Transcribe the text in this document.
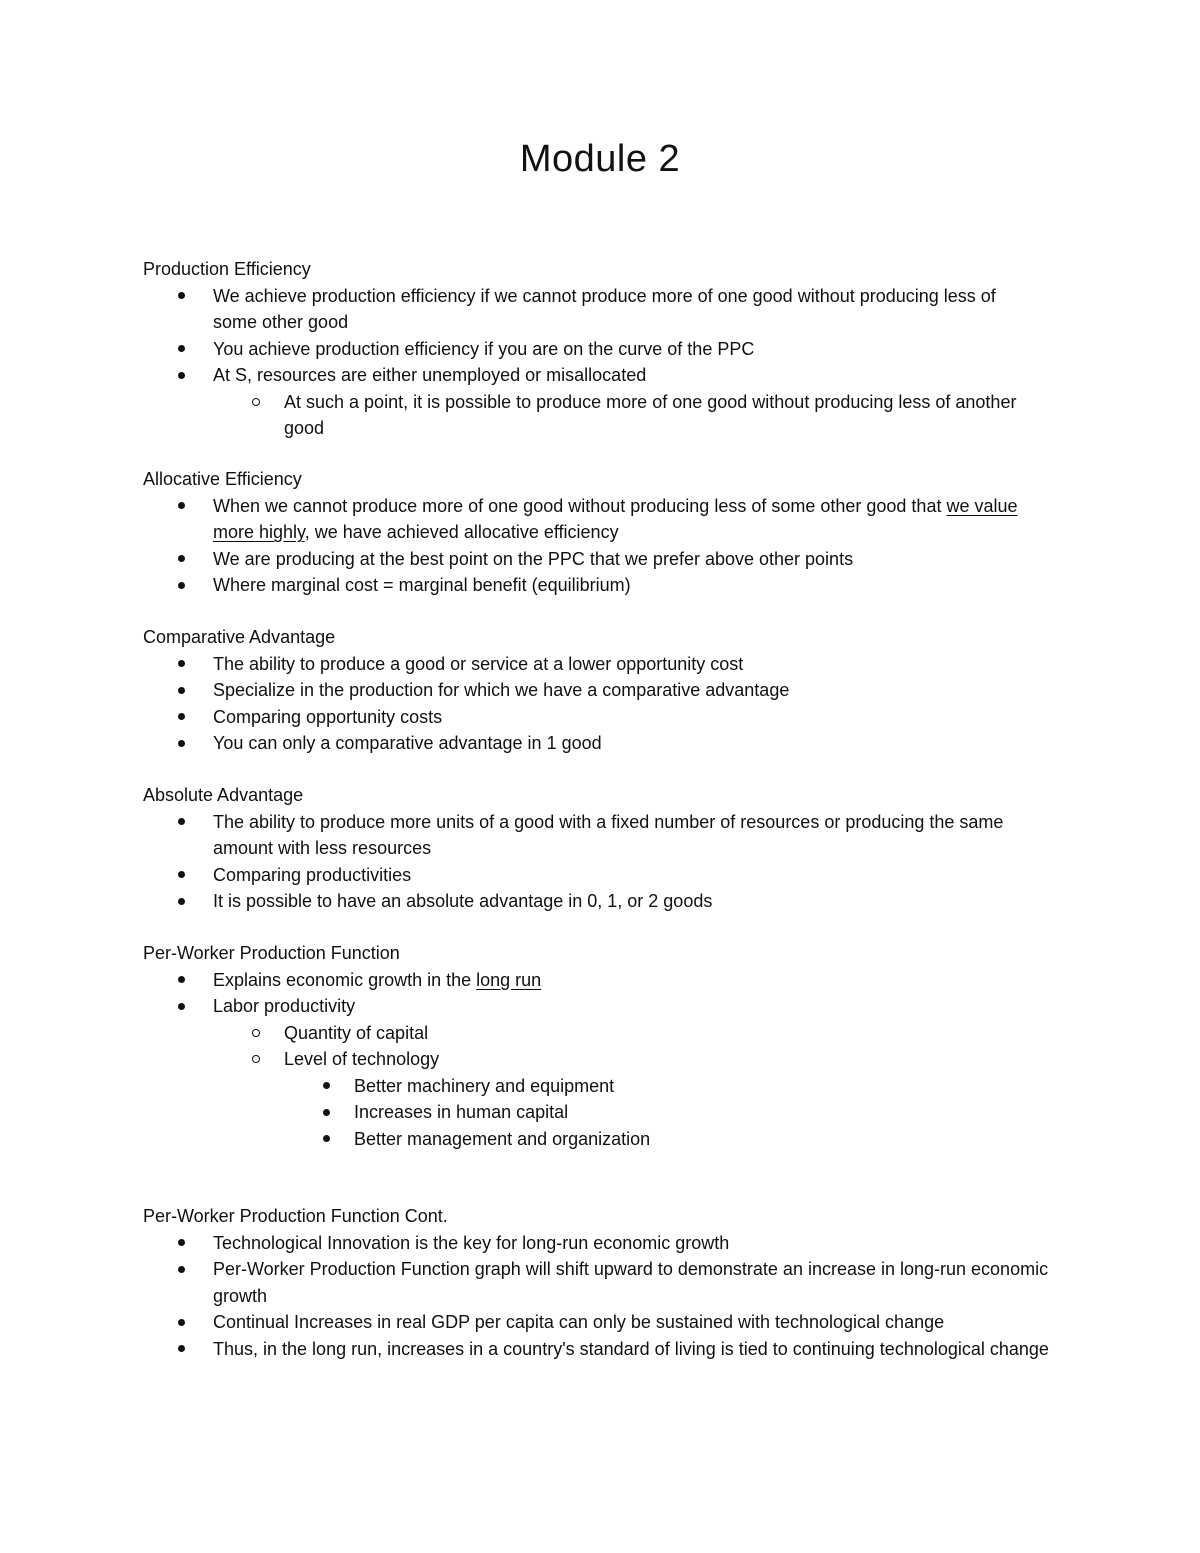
Module 2
Production Efficiency
We achieve production efficiency if we cannot produce more of one good without producing less of some other good
You achieve production efficiency if you are on the curve of the PPC
At S, resources are either unemployed or misallocated
At such a point, it is possible to produce more of one good without producing less of another good
Allocative Efficiency
When we cannot produce more of one good without producing less of some other good that we value more highly, we have achieved allocative efficiency
We are producing at the best point on the PPC that we prefer above other points
Where marginal cost = marginal benefit (equilibrium)
Comparative Advantage
The ability to produce a good or service at a lower opportunity cost
Specialize in the production for which we have a comparative advantage
Comparing opportunity costs
You can only a comparative advantage in 1 good
Absolute Advantage
The ability to produce more units of a good with a fixed number of resources or producing the same amount with less resources
Comparing productivities
It is possible to have an absolute advantage in 0, 1, or 2 goods
Per-Worker Production Function
Explains economic growth in the long run
Labor productivity
Quantity of capital
Level of technology
Better machinery and equipment
Increases in human capital
Better management and organization
Per-Worker Production Function Cont.
Technological Innovation is the key for long-run economic growth
Per-Worker Production Function graph will shift upward to demonstrate an increase in long-run economic growth
Continual Increases in real GDP per capita can only be sustained with technological change
Thus, in the long run, increases in a country's standard of living is tied to continuing technological change
